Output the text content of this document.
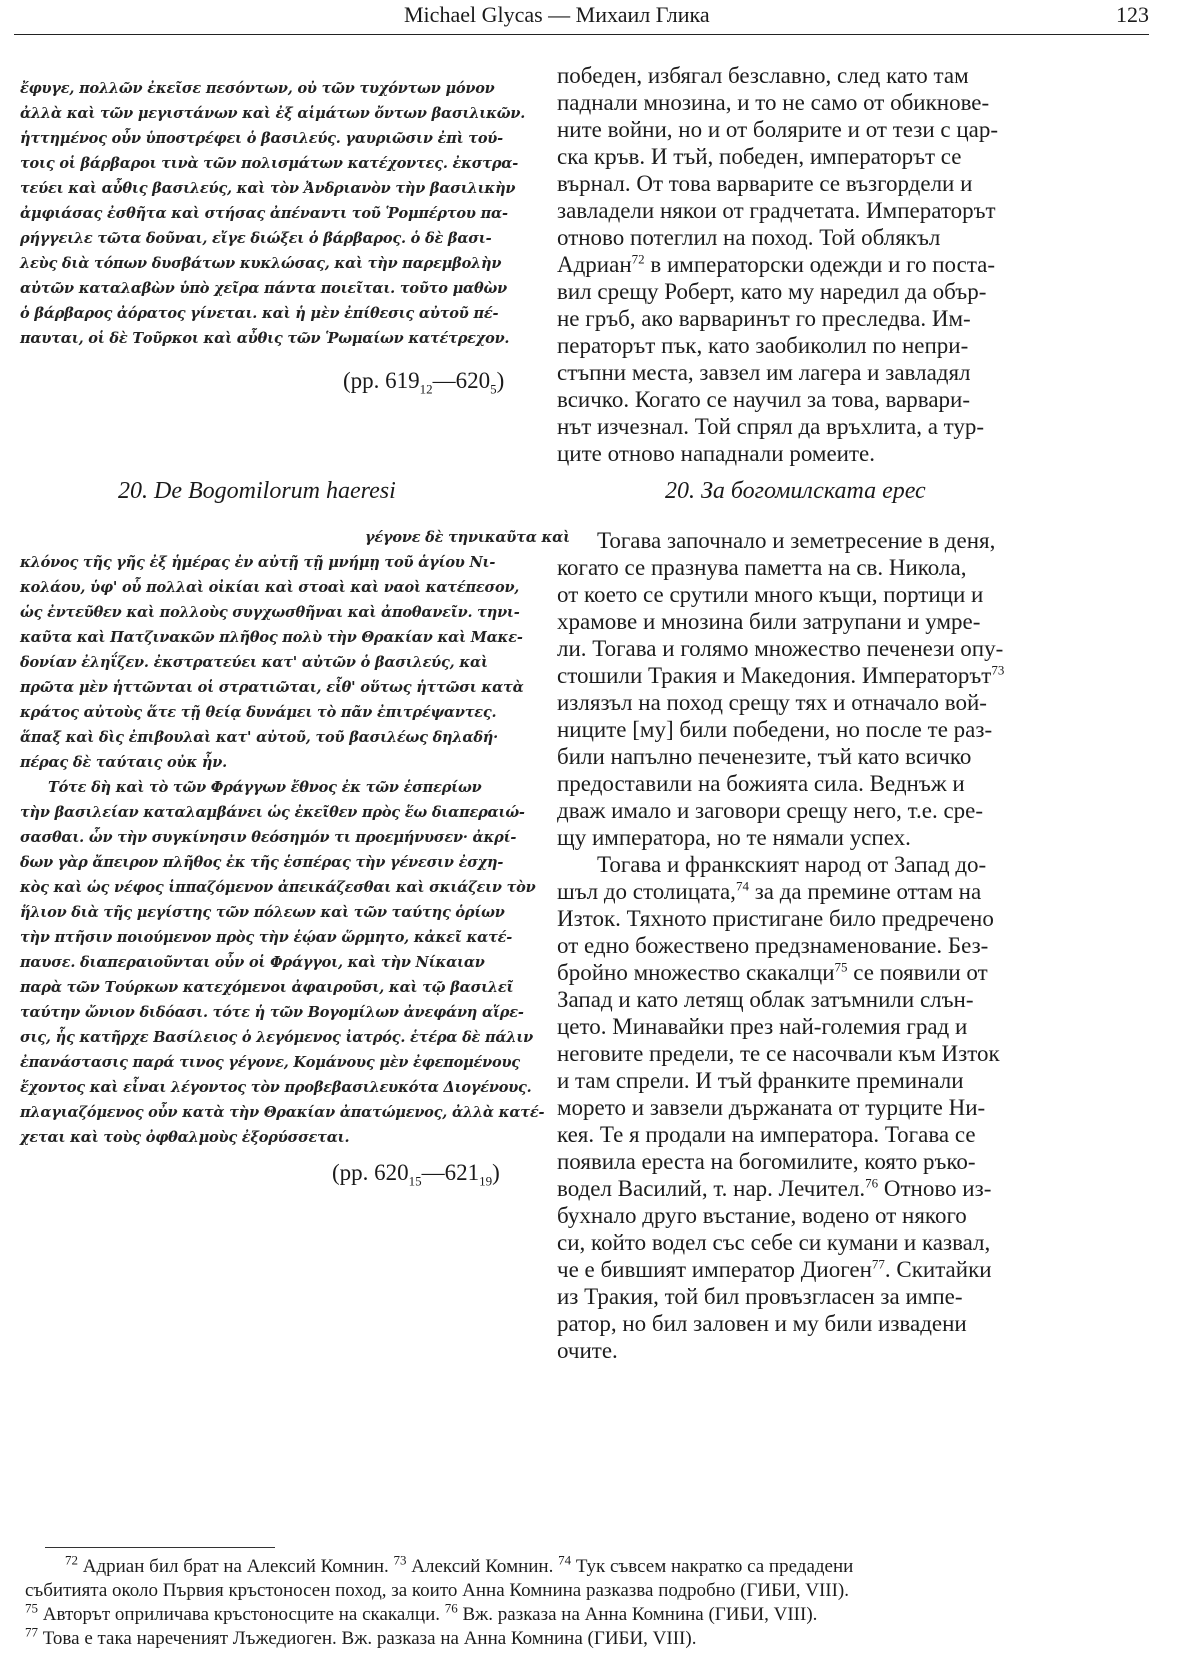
Michael Glycas — Михаил Глика	123

ἔφυγε, πολλῶν ἐκεῖσε πεσόντων, οὐ τῶν τυχόντων μόνον

ἀλλὰ καὶ τῶν μεγιστάνων καὶ ἐξ αἱμάτων ὄντων βασιλικῶν.

ἡττημένος οὖν ὑποστρέφει ὁ βασιλεύς. γαυριῶσιν ἐπὶ τού-

τοις οἱ βάρβαροι τινὰ τῶν πολισμάτων κατέχοντες. ἐκστρα-

τεύει καὶ αὖθις βασιλεύς, καὶ τὸν Ἀνδριανὸν τὴν βασιλικὴν

ἀμφιάσας ἐσθῆτα καὶ στήσας ἀπέναντι τοῦ Ῥομπέρτου πα-

ρήγγειλε τῶτα δοῦναι, εἴγε διώξει ὁ βάρβαρος. ὁ δὲ βασι-

λεὺς διὰ τόπων δυσβάτων κυκλώσας, καὶ τὴν παρεμβολὴν

αὐτῶν καταλαβὼν ὑπὸ χεῖρα πάντα ποιεῖται. τοῦτο μαθὼν

ὁ βάρβαρος ἀόρατος γίνεται. καὶ ἡ μὲν ἐπίθεσις αὐτοῦ πέ-

παυται, οἱ δὲ Τοῦρκοι καὶ αὖθις τῶν Ῥωμαίων κατέτρεχον.

(pp. $619_{12}—620_5$)

победен, избягал безславно, след като там

паднали мнозина, и то не само от обикнове-

ните войни, но и от болярите и от тези с цар-

ска кръв. И тъй, победен, императорът се

върнал. От това варварите се възгордели и

завладели някои от градчетата. Императорът

отново потеглил на поход. Той облякъл

Адриан$^{72}$ в императорски одежди и го поста-

вил срещу Роберт, като му наредил да обър-

не гръб, ако варваринът го преследва. Им-

ператорът пък, като заобиколил по непри-

стъпни места, завзел им лагера и завладял

всичко. Когато се научил за това, варвари-

нът изчезнал. Той спрял да връхлита, а тур-

ците отново нападнали ромеите.

20. De Bogomilorum haeresi	20. За богомилската ерес

γέγονε δὲ τηνικαῦτα καὶ

κλόνος τῆς γῆς ἐξ ἡμέρας ἐν αὐτῇ τῇ μνήμῃ τοῦ ἁγίου Νι-

κολάου, ὑφ' οὗ πολλαὶ οἰκίαι καὶ στοαὶ καὶ ναοὶ κατέπεσον,

ὡς ἐντεῦθεν καὶ πολλοὺς συγχωσθῆναι καὶ ἀποθανεῖν. τηνι-

καῦτα καὶ Πατζινακῶν πλῆθος πολὺ τὴν Θρακίαν καὶ Μακε-

δονίαν ἐληΐζεν. ἐκστρατεύει κατ' αὐτῶν ὁ βασιλεύς, καὶ

πρῶτα μὲν ἡττῶνται οἱ στρατιῶται, εἶθ' οὕτως ἡττῶσι κατὰ

κράτος αὐτοὺς ἅτε τῇ θείᾳ δυνάμει τὸ πᾶν ἐπιτρέψαντες.

ἅπαξ καὶ δὶς ἐπιβουλαὶ κατ' αὐτοῦ, τοῦ βασιλέως δηλαδή·

πέρας δὲ ταύταις οὐκ ἦν.

Τότε δὴ καὶ τὸ τῶν Φράγγων ἔθνος ἐκ τῶν ἑσπερίων

τὴν βασιλείαν καταλαμβάνει ὡς ἐκεῖθεν πρὸς ἕω διαπεραιώ-

σασθαι. ὧν τὴν συγκίνησιν θεόσημόν τι προεμήνυσεν· ἀκρί-

δων γὰρ ἄπειρον πλῆθος ἐκ τῆς ἑσπέρας τὴν γένεσιν ἐσχη-

κὸς καὶ ὡς νέφος ἱππαζόμενον ἀπεικάζεσθαι καὶ σκιάζειν τὸν

ἥλιον διὰ τῆς μεγίστης τῶν πόλεων καὶ τῶν ταύτης ὁρίων

τὴν πτῆσιν ποιούμενον πρὸς τὴν ἑῴαν ὥρμητο, κἀκεῖ κατέ-

παυσε. διαπεραιοῦνται οὖν οἱ Φράγγοι, καὶ τὴν Νίκαιαν

παρὰ τῶν Τούρκων κατεχόμενοι ἀφαιροῦσι, καὶ τῷ βασιλεῖ

ταύτην ὤνιον διδόασι. τότε ἡ τῶν Βογομίλων ἀνεφάνη αἵρε-

σις, ἧς κατῆρχε Βασίλειος ὁ λεγόμενος ἰατρός. ἑτέρα δὲ πάλιν

ἐπανάστασις παρά τινος γέγονε, Κομάνους μὲν ἐφεπομένους

ἔχοντος καὶ εἶναι λέγοντος τὸν προβεβασιλευκότα Διογένους.

πλαγιαζόμενος οὖν κατὰ τὴν Θρακίαν ἀπατώμενος, ἀλλὰ κατέ-

χεται καὶ τοὺς ὀφθαλμοὺς ἐξορύσσεται.

(pp. $620_{15}—621_{19}$)

Тогава започнало и земетресение в деня,

когато се празнува паметта на св. Никола,

от което се срутили много къщи, портици и

храмове и мнозина били затрупани и умре-

ли. Тогава и голямо множество печенези опу-

стошили Тракия и Македония. Императорът$^{73}$

излязъл на поход срещу тях и отначало вой-

ниците [му] били победени, но после те раз-

били напълно печенезите, тъй като всичко

предоставили на божията сила. Веднъж и

дваж имало и заговори срещу него, т.е. сре-

щу императора, но те нямали успех.

Тогава и франкският народ от Запад до-

шъл до столицата,$^{74}$ за да премине оттам на

Изток. Тяхното пристигане било предречено

от едно божествено предзнаменование. Без-

бройно множество скакалци$^{75}$ се появили от

Запад и като летящ облак затъмнили слън-

цето. Минавайки през най-големия град и

неговите предели, те се насочвали към Изток

и там спрели. И тъй франките преминали

морето и завзели държаната от турците Ни-

кея. Те я продали на императора. Тогава се

появила ереста на богомилите, която ръко-

водел Василий, т. нар. Лечител.$^{76}$ Отново из-

бухнало друго въстание, водено от някого

си, който водел със себе си кумани и казвал,

че е бившият император Диоген$^{77}$. Скитайки

из Тракия, той бил провъзгласен за импе-

ратор, но бил заловен и му били извадени

очите.

$^{72}$ Адриан бил брат на Алексий Комнин. $^{73}$ Алексий Комнин. $^{74}$ Тук съвсем накратко са предадени

събитията около Първия кръстоносен поход, за които Анна Комнина разказва подробно (ГИБИ, VIII).

$^{75}$ Авторът оприличава кръстоносците на скакалци. $^{76}$ Вж. разказа на Анна Комнина (ГИБИ, VIII).

$^{77}$ Това е така нареченият Лъжедиоген. Вж. разказа на Анна Комнина (ГИБИ, VIII).
